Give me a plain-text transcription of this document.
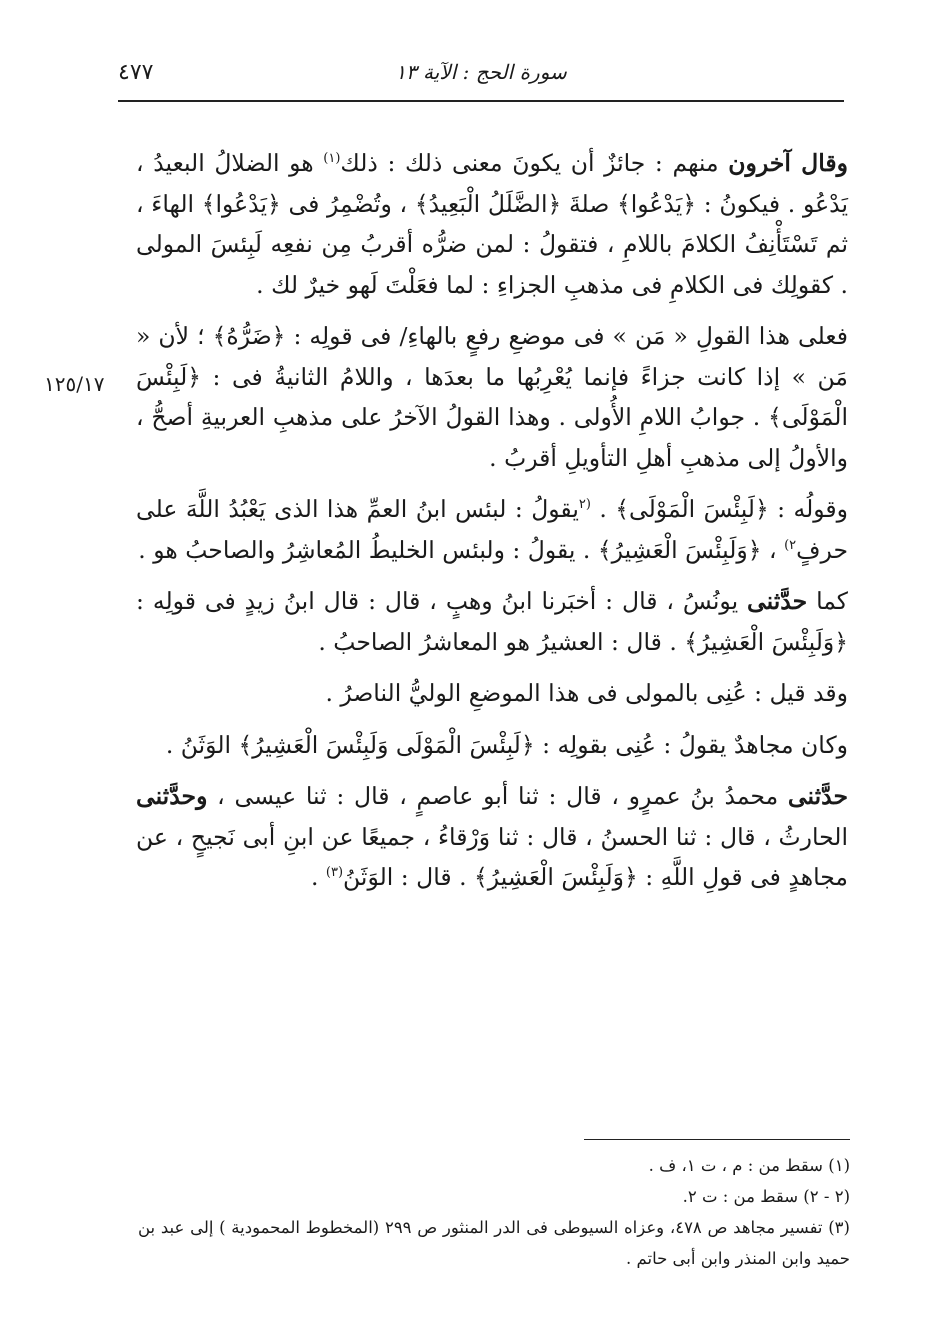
٤٧٧	سورة الحج : الآية ١٣
١٢٥/١٧

وقال آخرون منهم : جائزٌ أن يكونَ معنى ذلك : ذلك$^{(١)}$ هو الضلالُ البعيدُ ، يَدْعُو . فيكونُ : ﴿يَدْعُوا﴾ صلةَ ﴿الضَّلَلُ الْبَعِيدُ﴾ ، وتُضْمِرُ فى ﴿يَدْعُوا﴾ الهاءَ ، ثم تَسْتَأْنِفُ الكلامَ باللامِ ، فتقولُ : لمن ضرُّه أقربُ مِن نفعِه لَبِئسَ المولى . كقولِك فى الكلامِ فى مذهبِ الجزاءِ : لما فعَلْتَ لَهو خيرٌ لك .

فعلى هذا القولِ « مَن » فى موضعِ رفعٍ بالهاءِ/ فى قولِه : ﴿ضَرُّهُ﴾ ؛ لأن « مَن » إذا كانت جزاءً فإنما يُعْرِبُها ما بعدَها ، واللامُ الثانيةُ فى : ﴿لَبِئْسَ الْمَوْلَى﴾ . جوابُ اللامِ الأُولى . وهذا القولُ الآخرُ على مذهبِ العربيةِ أصحُّ ، والأولُ إلى مذهبِ أهلِ التأويلِ أقربُ .

وقولُه : ﴿لَبِئْسَ الْمَوْلَى﴾ . $^{(٢}$يقولُ : لبئس ابنُ العمِّ هذا الذى يَعْبُدُ اللَّهَ على حرفٍ$^{٢)}$ ، ﴿وَلَبِئْسَ الْعَشِيرُ﴾ . يقولُ : ولبئس الخليطُ المُعاشِرُ والصاحبُ هو .

كما حدَّثنى يونُسُ ، قال : أخبَرنا ابنُ وهبٍ ، قال : قال ابنُ زيدٍ فى قولِه : ﴿وَلَبِئْسَ الْعَشِيرُ﴾ . قال : العشيرُ هو المعاشرُ الصاحبُ .

وقد قيل : عُنِى بالمولى فى هذا الموضعِ الوليُّ الناصرُ .

وكان مجاهدٌ يقولُ : عُنِى بقولِه : ﴿لَبِئْسَ الْمَوْلَى وَلَبِئْسَ الْعَشِيرُ﴾ الوَثَنُ .

حدَّثنى محمدُ بنُ عمرٍو ، قال : ثنا أبو عاصمٍ ، قال : ثنا عيسى ، وحدَّثنى الحارثُ ، قال : ثنا الحسنُ ، قال : ثنا وَرْقاءُ ، جميعًا عن ابنِ أبى نَجيحٍ ، عن مجاهدٍ فى قولِ اللَّهِ : ﴿وَلَبِئْسَ الْعَشِيرُ﴾ . قال : الوَثَنُ$^{(٣)}$ .

(١) سقط من : م ، ت ١، ف .

(٢ - ٢) سقط من : ت ٢.

(٣) تفسير مجاهد ص ٤٧٨، وعزاه السيوطى فى الدر المنثور ص ٢٩٩ (المخطوط المحمودية ) إلى عبد بن حميد وابن المنذر وابن أبى حاتم .
